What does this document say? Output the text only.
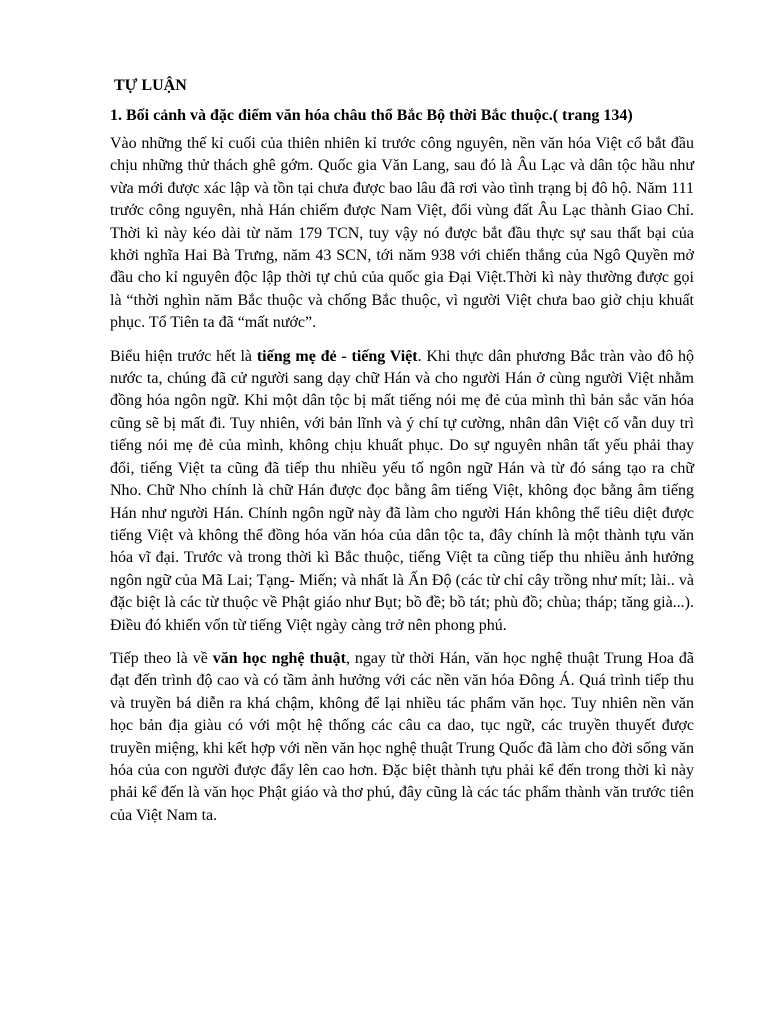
TỰ LUẬN
1. Bối cảnh và đặc điểm văn hóa châu thổ Bắc Bộ thời Bắc thuộc.( trang 134)

Vào những thế kỉ cuối của thiên nhiên kỉ trước công nguyên, nền văn hóa Việt cổ bắt đầu chịu những thử thách ghê gớm. Quốc gia Văn Lang, sau đó là Âu Lạc và dân tộc hầu như vừa mới được xác lập và tồn tại chưa được bao lâu đã rơi vào tình trạng bị đô hộ. Năm 111 trước công nguyên, nhà Hán chiếm được Nam Việt, đổi vùng đất Âu Lạc thành Giao Chỉ. Thời kì này kéo dài từ năm 179 TCN, tuy vậy nó được bắt đầu thực sự sau thất bại của khởi nghĩa Hai Bà Trưng, năm 43 SCN, tới năm 938 với chiến thắng của Ngô Quyền mở đầu cho kỉ nguyên độc lập thời tự chủ của quốc gia Đại Việt.Thời kì này thường được gọi là “thời nghìn năm Bắc thuộc và chống Bắc thuộc, vì người Việt chưa bao giờ chịu khuất phục. Tổ Tiên ta đã “mất nước”.

Biểu hiện trước hết là tiếng mẹ đẻ - tiếng Việt. Khi thực dân phương Bắc tràn vào đô hộ nước ta, chúng đã cử người sang dạy chữ Hán và cho người Hán ở cùng người Việt nhằm đồng hóa ngôn ngữ. Khi một dân tộc bị mất tiếng nói mẹ đẻ của mình thì bản sắc văn hóa cũng sẽ bị mất đi. Tuy nhiên, với bản lĩnh và ý chí tự cường, nhân dân Việt cố vẫn duy trì tiếng nói mẹ đẻ của mình, không chịu khuất phục. Do sự nguyên nhân tất yếu phải thay đổi, tiếng Việt ta cũng đã tiếp thu nhiều yếu tố ngôn ngữ Hán và từ đó sáng tạo ra chữ Nho. Chữ Nho chính là chữ Hán được đọc bằng âm tiếng Việt, không đọc bằng âm tiếng Hán như người Hán. Chính ngôn ngữ này đã làm cho người Hán không thể tiêu diệt được tiếng Việt và không thể đồng hóa văn hóa của dân tộc ta, đây chính là một thành tựu văn hóa vĩ đại. Trước và trong thời kì Bắc thuộc, tiếng Việt ta cũng tiếp thu nhiều ảnh hưởng ngôn ngữ của Mã Lai; Tạng- Miến; và nhất là Ấn Độ (các từ chỉ cây trồng như mít; lài.. và đặc biệt là các từ thuộc về Phật giáo như Bụt; bồ đề; bồ tát; phù đồ; chùa; tháp; tăng già...). Điều đó khiến vốn từ tiếng Việt ngày càng trở nên phong phú.

Tiếp theo là về văn học nghệ thuật, ngay từ thời Hán, văn học nghệ thuật Trung Hoa đã đạt đến trình độ cao và có tầm ảnh hưởng với các nền văn hóa Đông Á. Quá trình tiếp thu và truyền bá diễn ra khá chậm, không để lại nhiều tác phẩm văn học. Tuy nhiên nền văn học bản địa giàu có với một hệ thống các câu ca dao, tục ngữ, các truyền thuyết được truyền miệng, khi kết hợp với nền văn học nghệ thuật Trung Quốc đã làm cho đời sống văn hóa của con người được đẩy lên cao hơn. Đặc biệt thành tựu phải kể đến trong thời kì này phải kể đến là văn học Phật giáo và thơ phú, đây cũng là các tác phẩm thành văn trước tiên của Việt Nam ta.
